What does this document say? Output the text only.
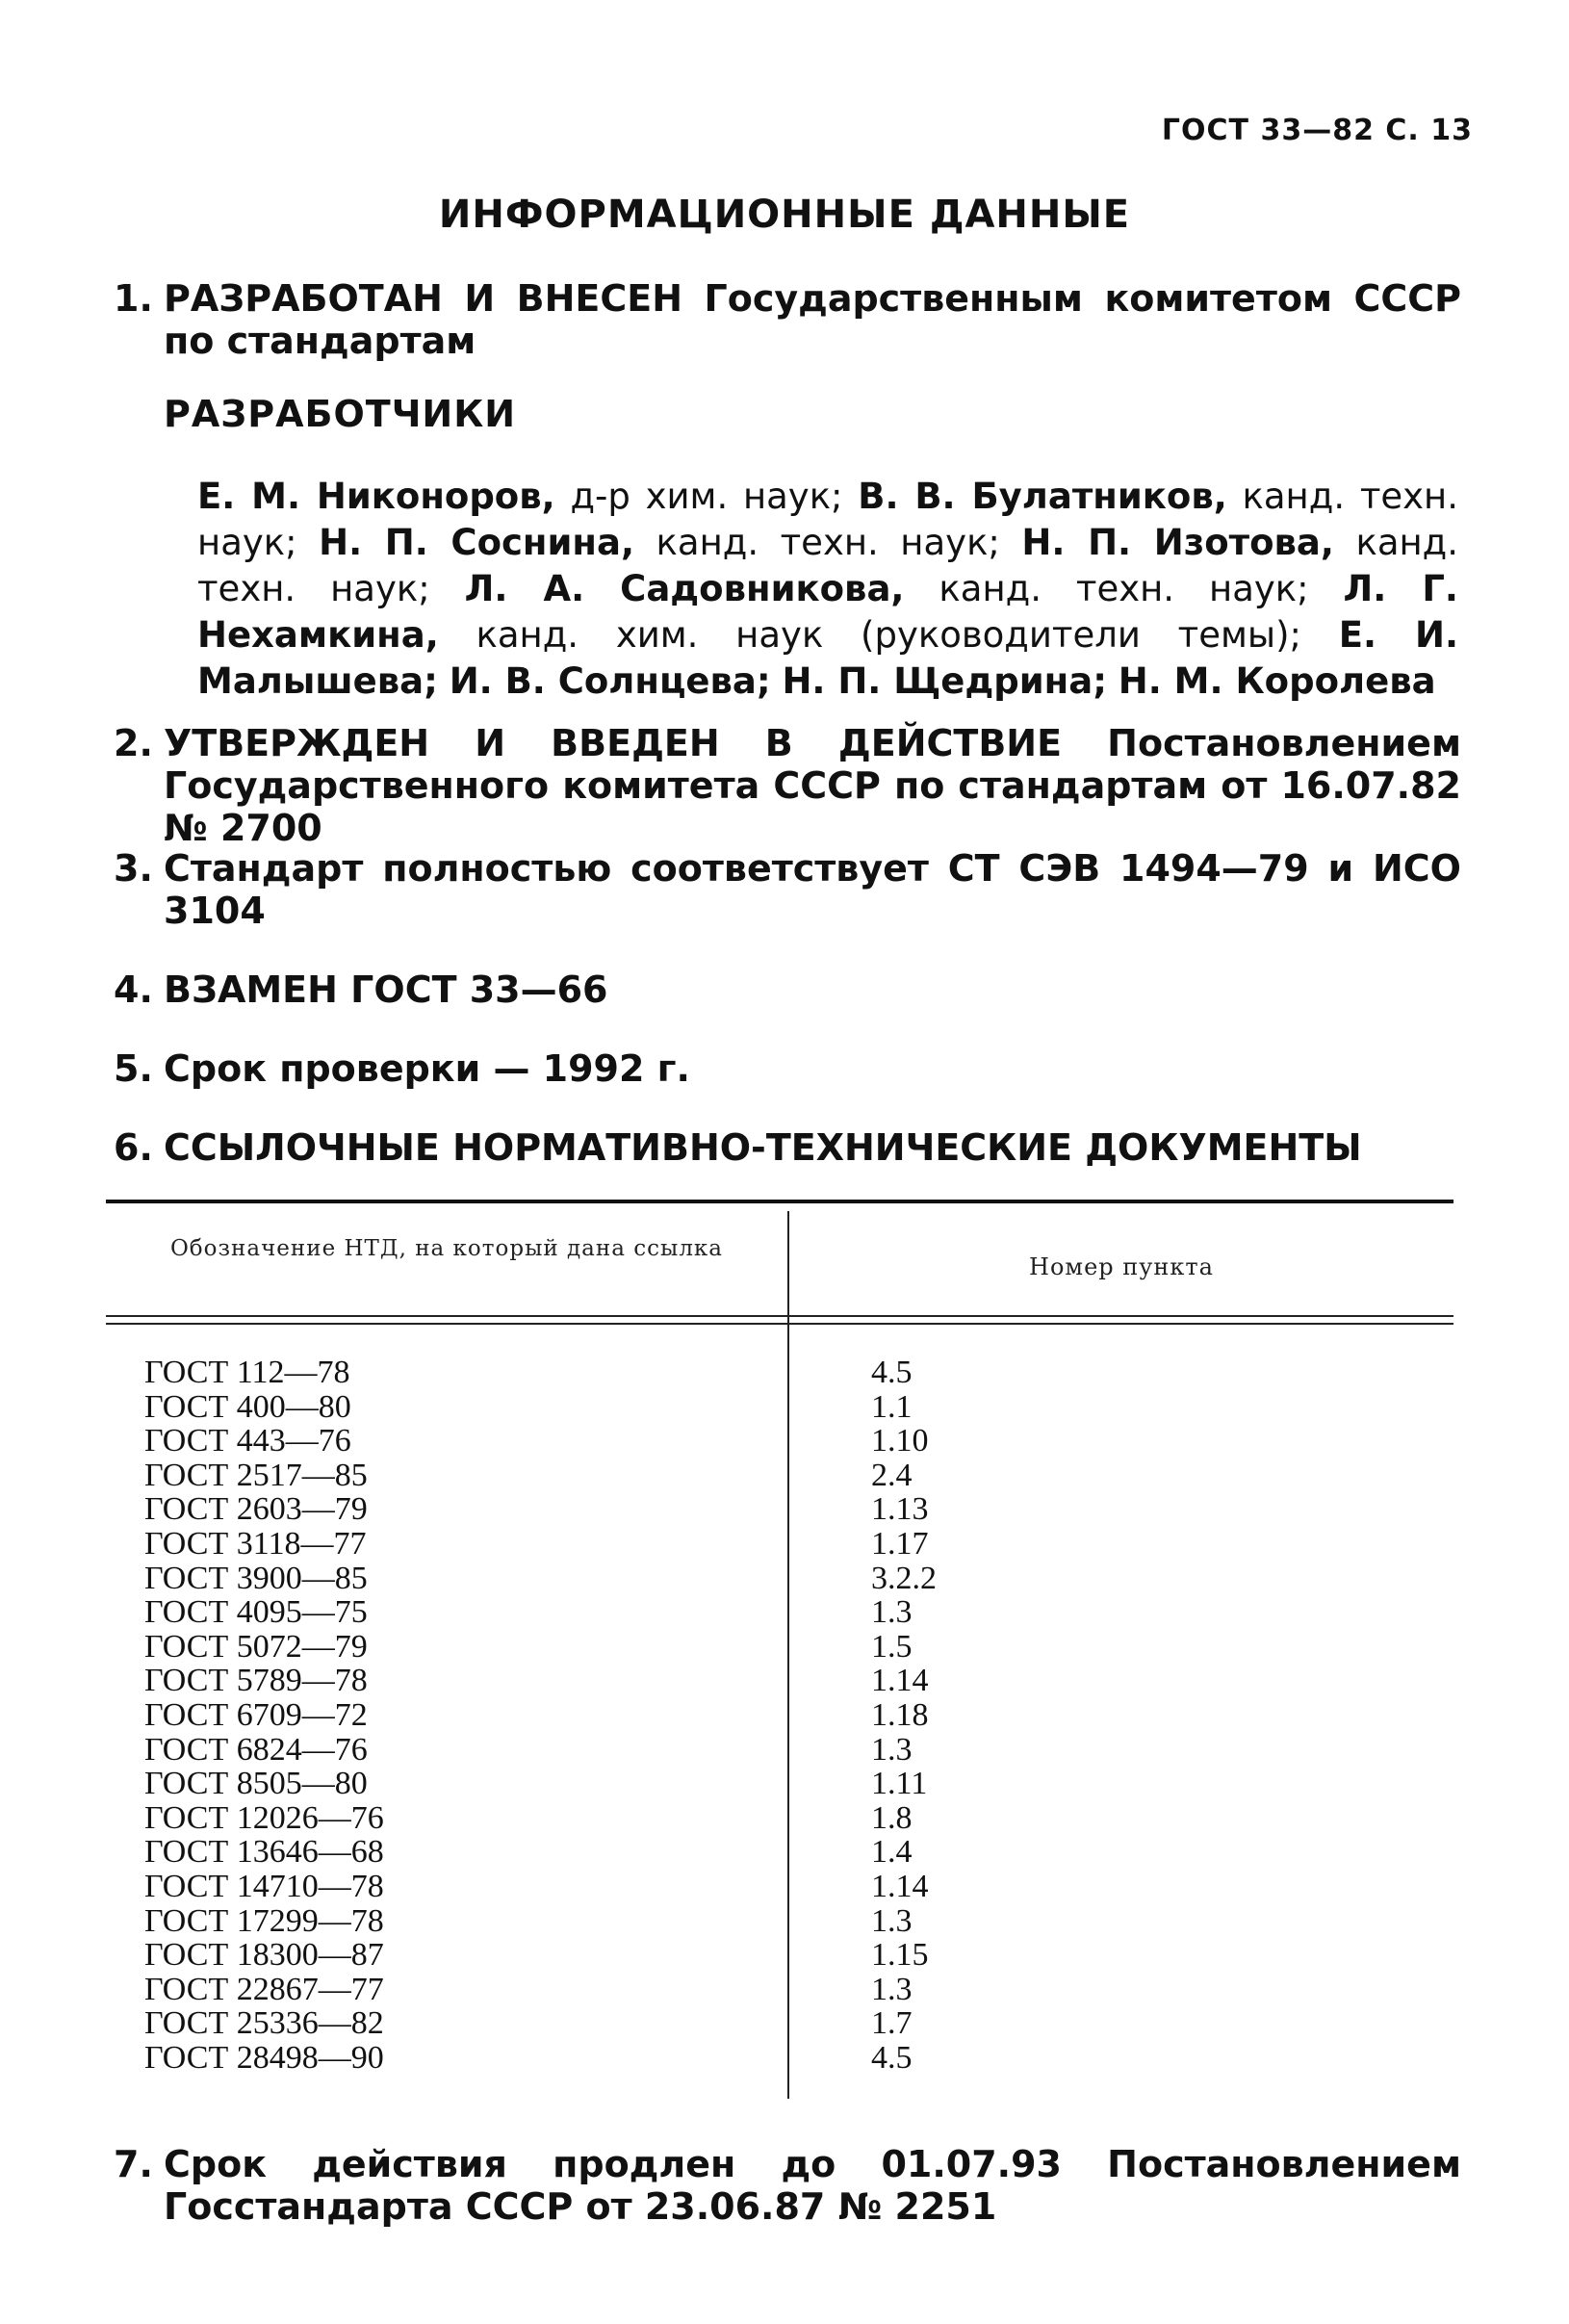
ГОСТ 33—82 С. 13
ИНФОРМАЦИОННЫЕ ДАННЫЕ
1. РАЗРАБОТАН И ВНЕСЕН Государственным комитетом СССР по стандартам
РАЗРАБОТЧИКИ
Е. М. Никоноров, д-р хим. наук; В. В. Булатников, канд. техн. наук; Н. П. Соснина, канд. техн. наук; Н. П. Изотова, канд. техн. наук; Л. А. Садовникова, канд. техн. наук; Л. Г. Нехамкина, канд. хим. наук (руководители темы); Е. И. Малышева; И. В. Солнцева; Н. П. Щедрина; Н. М. Королева
2. УТВЕРЖДЕН И ВВЕДЕН В ДЕЙСТВИЕ Постановлением Государственного комитета СССР по стандартам от 16.07.82 № 2700
3. Стандарт полностью соответствует СТ СЭВ 1494—79 и ИСО 3104
4. ВЗАМЕН ГОСТ 33—66
5. Срок проверки — 1992 г.
6. ССЫЛОЧНЫЕ НОРМАТИВНО-ТЕХНИЧЕСКИЕ ДОКУМЕНТЫ
Обозначение НТД, на который дана ссылка
Номер пункта
ГОСТ 112—78
ГОСТ 400—80
ГОСТ 443—76
ГОСТ 2517—85
ГОСТ 2603—79
ГОСТ 3118—77
ГОСТ 3900—85
ГОСТ 4095—75
ГОСТ 5072—79
ГОСТ 5789—78
ГОСТ 6709—72
ГОСТ 6824—76
ГОСТ 8505—80
ГОСТ 12026—76
ГОСТ 13646—68
ГОСТ 14710—78
ГОСТ 17299—78
ГОСТ 18300—87
ГОСТ 22867—77
ГОСТ 25336—82
ГОСТ 28498—90
4.5
1.1
1.10
2.4
1.13
1.17
3.2.2
1.3
1.5
1.14
1.18
1.3
1.11
1.8
1.4
1.14
1.3
1.15
1.3
1.7
4.5
7. Срок действия продлен до 01.07.93 Постановлением Госстандарта СССР от 23.06.87 № 2251
